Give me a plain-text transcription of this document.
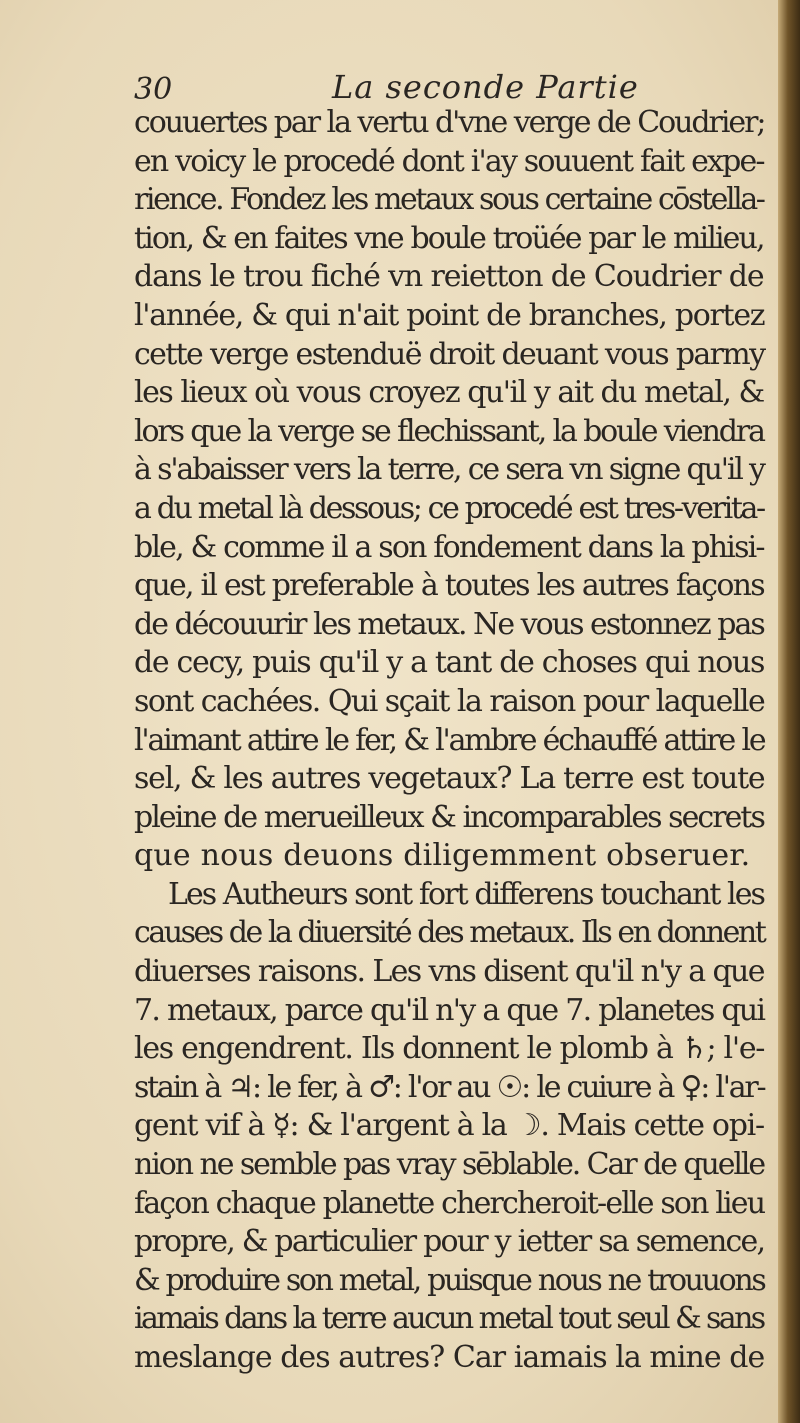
30	La seconde Partie
couuertes par la vertu d'vne verge de Coudrier;
en voicy le procedé dont i'ay souuent fait expe-
rience. Fondez les metaux sous certaine cōstella-
tion, & en faites vne boule troüée par le milieu,
dans le trou fiché vn reietton de Coudrier de
l'année, & qui n'ait point de branches, portez
cette verge estenduë droit deuant vous parmy
les lieux où vous croyez qu'il y ait du metal, &
lors que la verge se flechissant, la boule viendra
à s'abaisser vers la terre, ce sera vn signe qu'il y
a du metal là dessous; ce procedé est tres-verita-
ble, & comme il a son fondement dans la phisi-
que, il est preferable à toutes les autres façons
de découurir les metaux. Ne vous estonnez pas
de cecy, puis qu'il y a tant de choses qui nous
sont cachées. Qui sçait la raison pour laquelle
l'aimant attire le fer, & l'ambre échauffé attire le
sel, & les autres vegetaux? La terre est toute
pleine de merueilleux & incomparables secrets
que nous deuons diligemment obseruer.
Les Autheurs sont fort differens touchant les
causes de la diuersité des metaux. Ils en donnent
diuerses raisons. Les vns disent qu'il n'y a que
7. metaux, parce qu'il n'y a que 7. planetes qui
les engendrent. Ils donnent le plomb à ♄; l'e-
stain à ♃: le fer, à ♂: l'or au ☉: le cuiure à ♀: l'ar-
gent vif à ☿: & l'argent à la ☽. Mais cette opi-
nion ne semble pas vray sēblable. Car de quelle
façon chaque planette chercheroit-elle son lieu
propre, & particulier pour y ietter sa semence,
& produire son metal, puisque nous ne trouuons
iamais dans la terre aucun metal tout seul & sans
meslange des autres? Car iamais la mine de
